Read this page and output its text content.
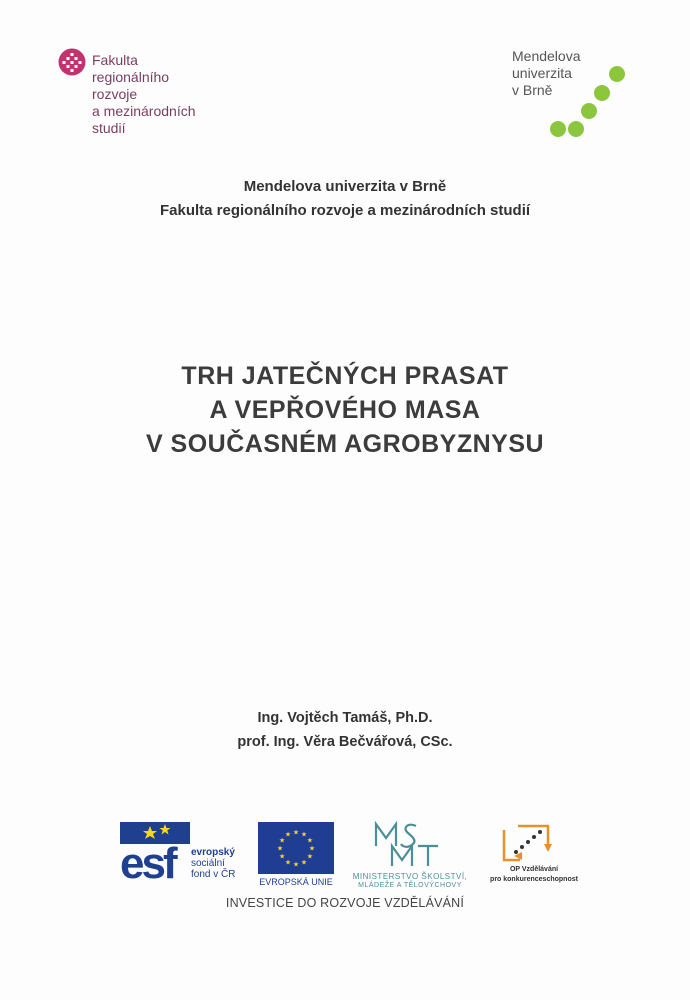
Fakulta
regionálního
rozvoje
a mezinárodních
studií
Mendelova
univerzita
v Brně
Mendelova univerzita v Brně
Fakulta regionálního rozvoje a mezinárodních studií
TRH JATEČNÝCH PRASAT
A VEPŘOVÉHO MASA
V SOUČASNÉM AGROBYZNYSU
Ing. Vojtěch Tamáš, Ph.D.
prof. Ing. Věra Bečvářová, CSc.
esf evropský
sociální
fond v ČR
★
★
★
★
★
★
★
★
★ ★ ★
★
EVROPSKÁ UNIE
MINISTERSTVO ŠKOLSTVÍ,
MLÁDEŽE A TĚLOVÝCHOVY
OP Vzdělávání
pro konkurenceschopnost
INVESTICE DO ROZVOJE VZDĚLÁVÁNÍ
